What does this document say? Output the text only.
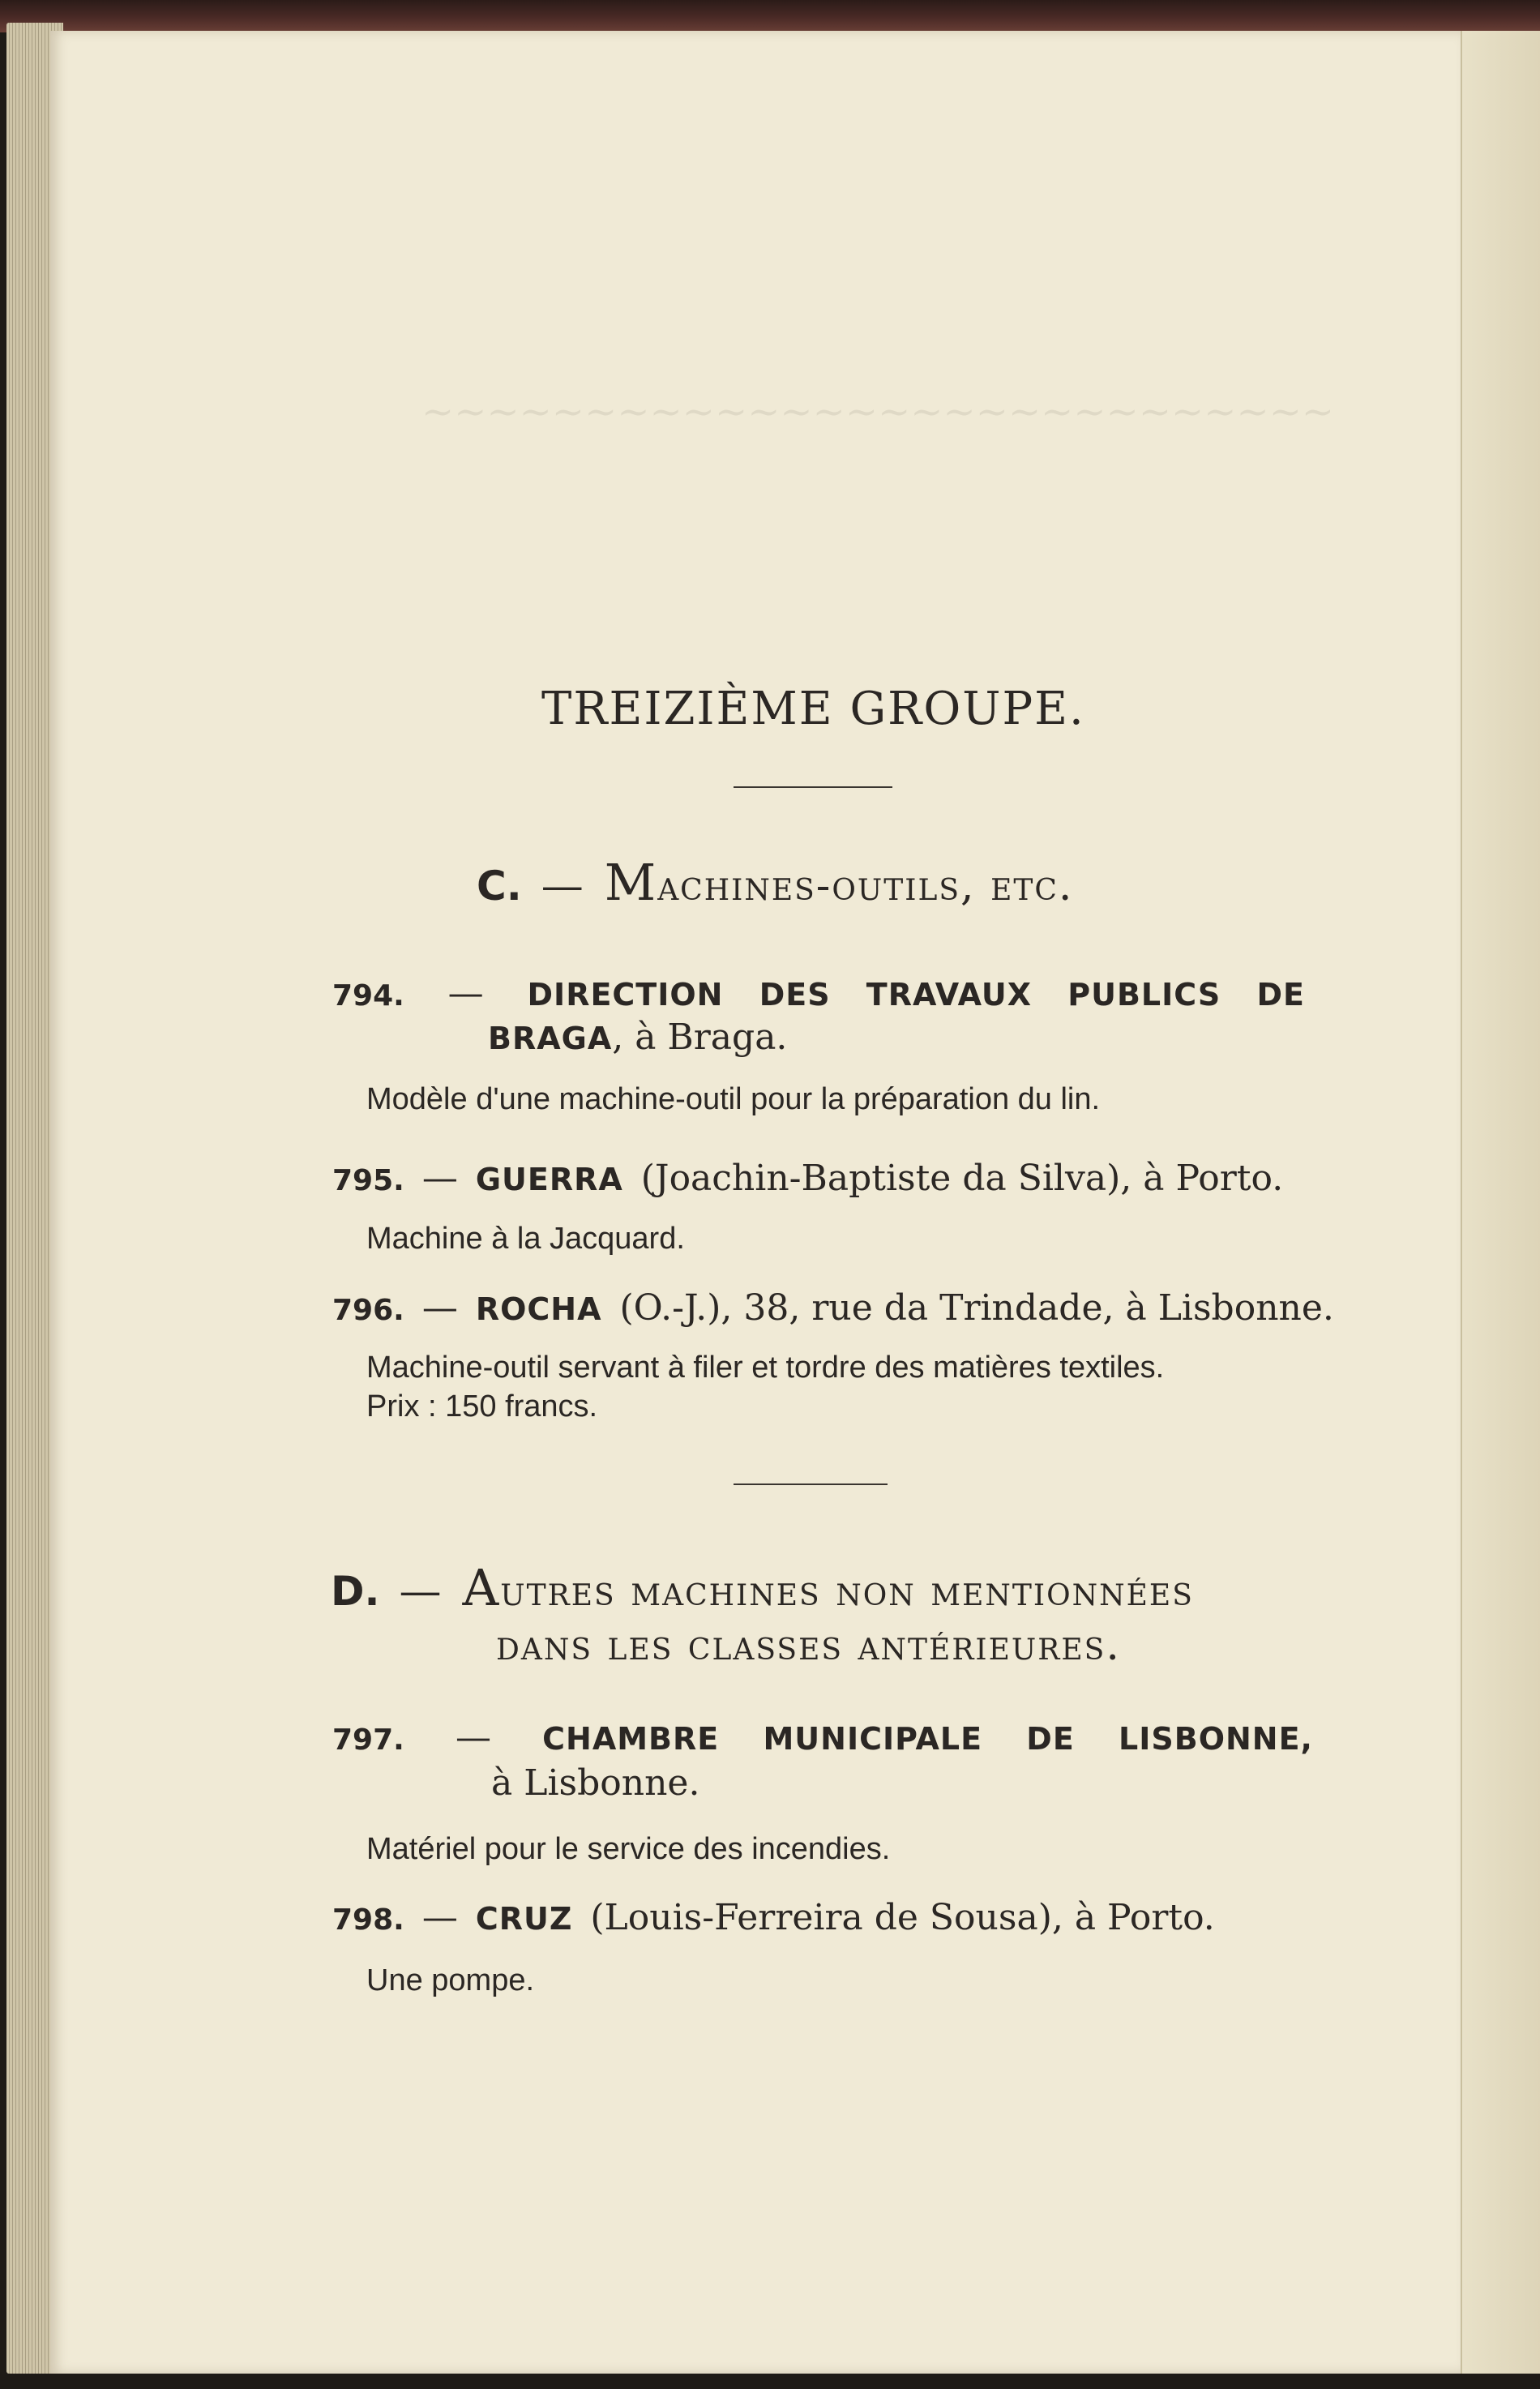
~~~~~~~~~~~~~~~~~~~~~~~~~~~~
TREIZIÈME GROUPE.
C. — Machines-outils, etc.
794. — DIRECTION DES TRAVAUX PUBLICS DE
BRAGA, à Braga.
Modèle d'une machine-outil pour la préparation du lin.
795. — GUERRA (Joachin-Baptiste da Silva), à Porto.
Machine à la Jacquard.
796. — ROCHA (O.-J.), 38, rue da Trindade, à Lisbonne.
Machine-outil servant à filer et tordre des matières textiles.
Prix : 150 francs.
D. — Autres machines non mentionnées
dans les classes antérieures.
797. — CHAMBRE MUNICIPALE DE LISBONNE,
à Lisbonne.
Matériel pour le service des incendies.
798. — CRUZ (Louis-Ferreira de Sousa), à Porto.
Une pompe.
